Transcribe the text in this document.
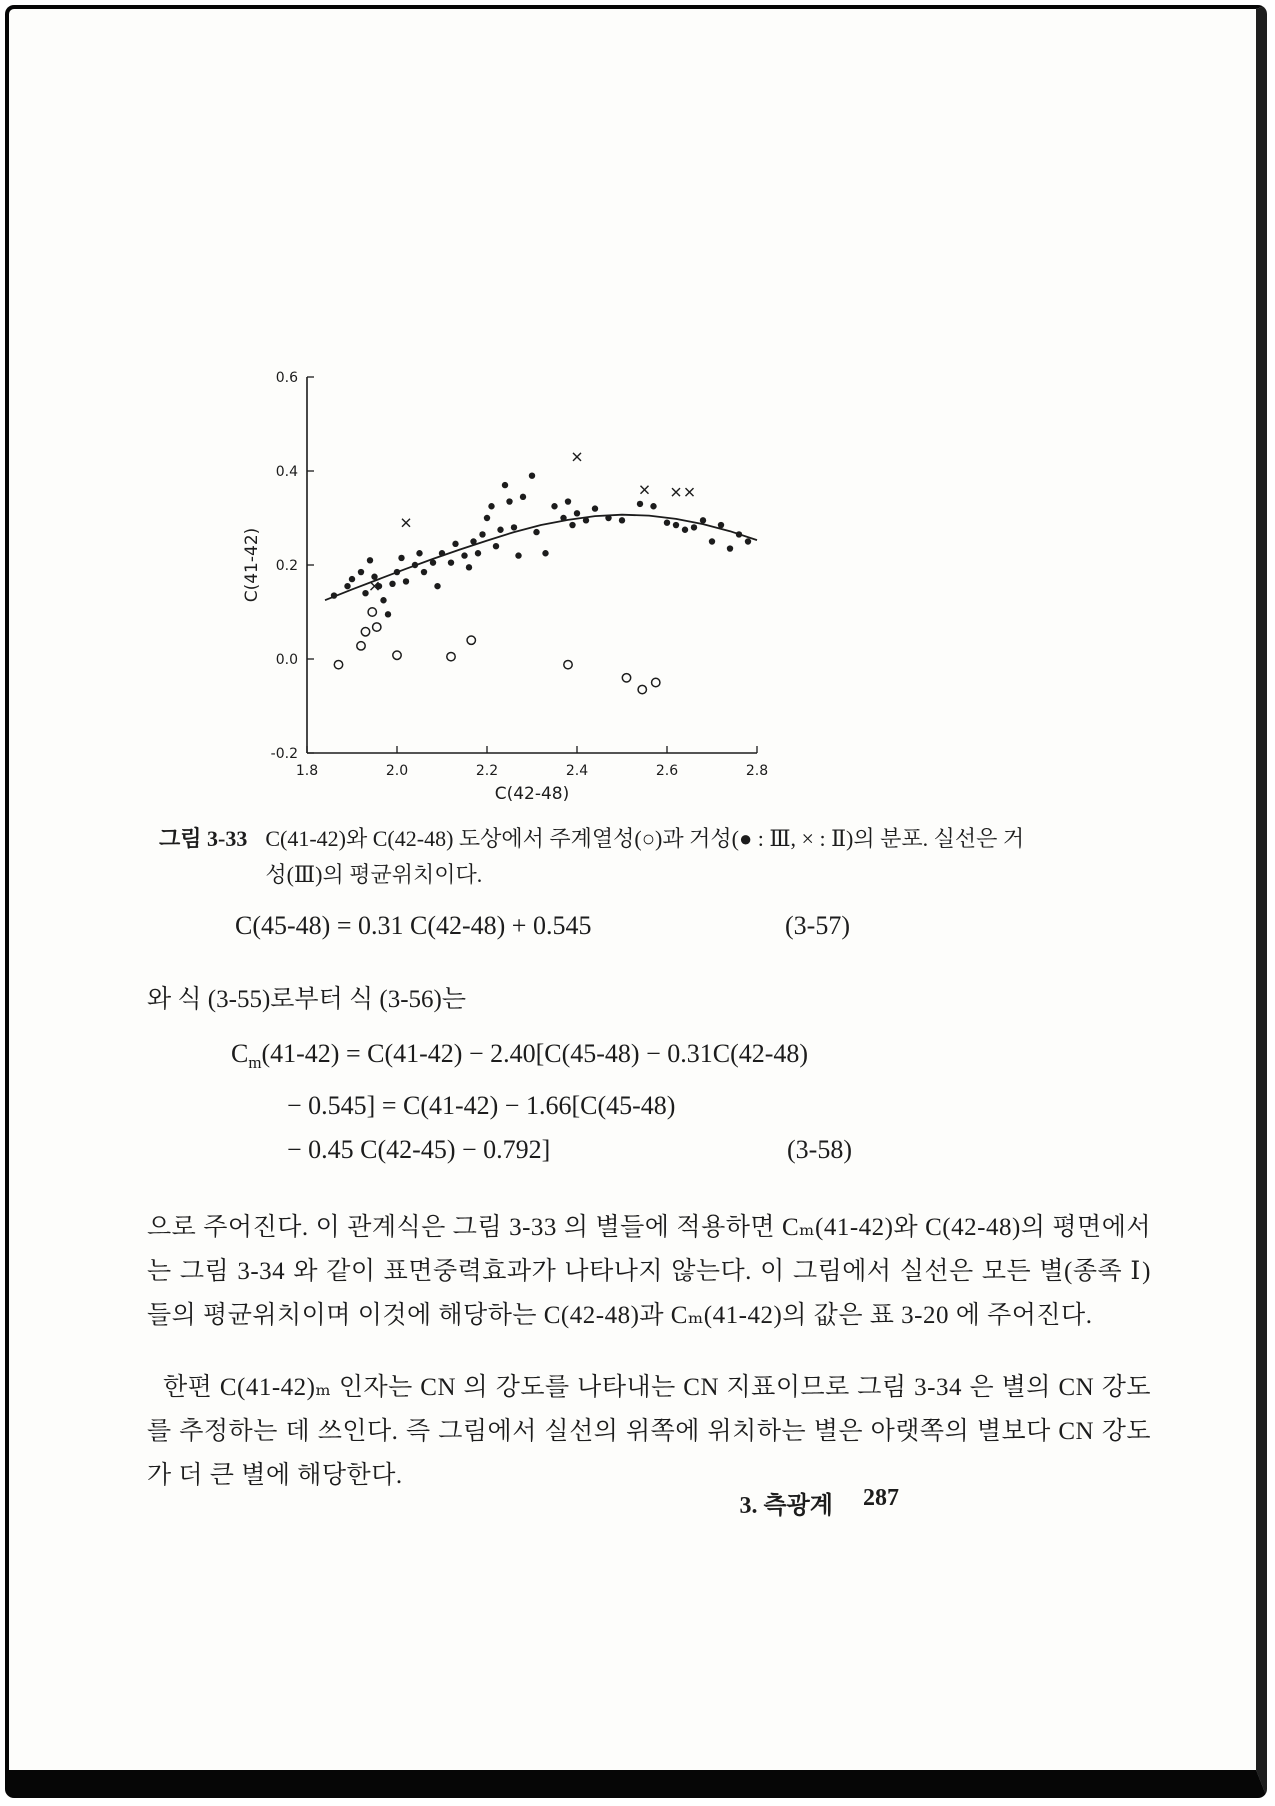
1.8	2.0	2.2	2.4	2.6	2.8
-0.2
0.0
0.2
0.4
0.6
C(42-48)
C(41-42)
그림 3-33 C(41-42)와 C(42-48) 도상에서 주계열성(○)과 거성(● : Ⅲ, × : Ⅱ)의 분포. 실선은 거성(Ⅲ)의 평균위치이다.
C(45-48) = 0.31 C(42-48) + 0.545	(3-57)
와 식 (3-55)로부터 식 (3-56)는
$C_m(41-42) = C(41-42) - 2.40[C(45-48) - 0.31C(42-48)$
− 0.545] = C(41-42) − 1.66[C(45-48)
− 0.45 C(42-45) − 0.792]	(3-58)

으로 주어진다. 이 관계식은 그림 3-33 의 별들에 적용하면 Cₘ(41-42)와 C(42-48)의 평면에서는 그림 3-34 와 같이 표면중력효과가 나타나지 않는다. 이 그림에서 실선은 모든 별(종족 Ⅰ)들의 평균위치이며 이것에 해당하는 C(42-48)과 Cₘ(41-42)의 값은 표 3-20 에 주어진다.

한편 C(41-42)ₘ 인자는 CN 의 강도를 나타내는 CN 지표이므로 그림 3-34 은 별의 CN 강도를 추정하는 데 쓰인다. 즉 그림에서 실선의 위쪽에 위치하는 별은 아랫쪽의 별보다 CN 강도가 더 큰 별에 해당한다.

3. 측광계 287
